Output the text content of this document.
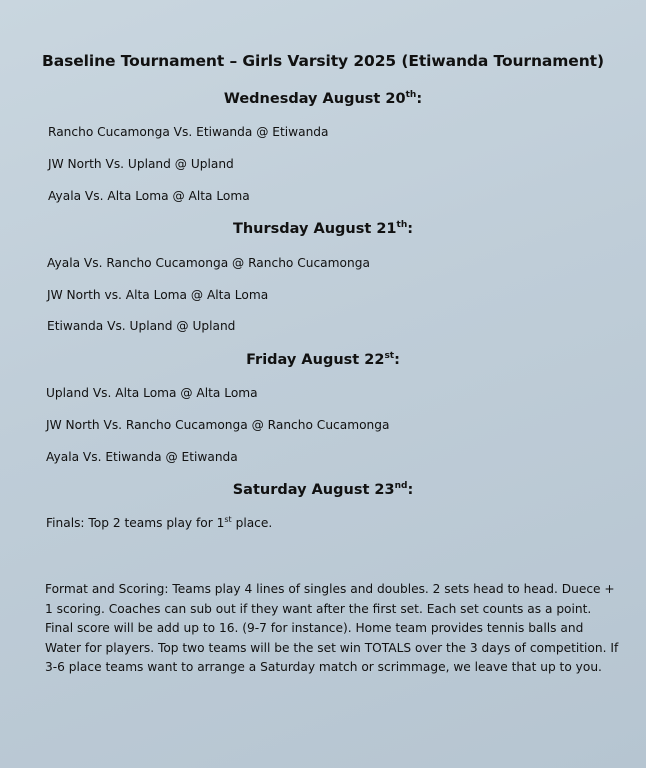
Baseline Tournament – Girls Varsity 2025 (Etiwanda Tournament)
Wednesday August 20th:
Rancho Cucamonga Vs. Etiwanda @ Etiwanda
JW North Vs. Upland @ Upland
Ayala Vs. Alta Loma @ Alta Loma
Thursday August 21th:
Ayala Vs. Rancho Cucamonga @ Rancho Cucamonga
JW North vs. Alta Loma @ Alta Loma
Etiwanda Vs. Upland @ Upland
Friday August 22st:
Upland Vs. Alta Loma @ Alta Loma
JW North Vs. Rancho Cucamonga @ Rancho Cucamonga
Ayala Vs. Etiwanda @ Etiwanda
Saturday August 23nd:
Finals: Top 2 teams play for 1st place.
Format and Scoring: Teams play 4 lines of singles and doubles. 2 sets head to head. Duece + 1 scoring. Coaches can sub out if they want after the first set. Each set counts as a point. Final score will be add up to 16. (9-7 for instance). Home team provides tennis balls and Water for players. Top two teams will be the set win TOTALS over the 3 days of competition. If 3-6 place teams want to arrange a Saturday match or scrimmage, we leave that up to you.
